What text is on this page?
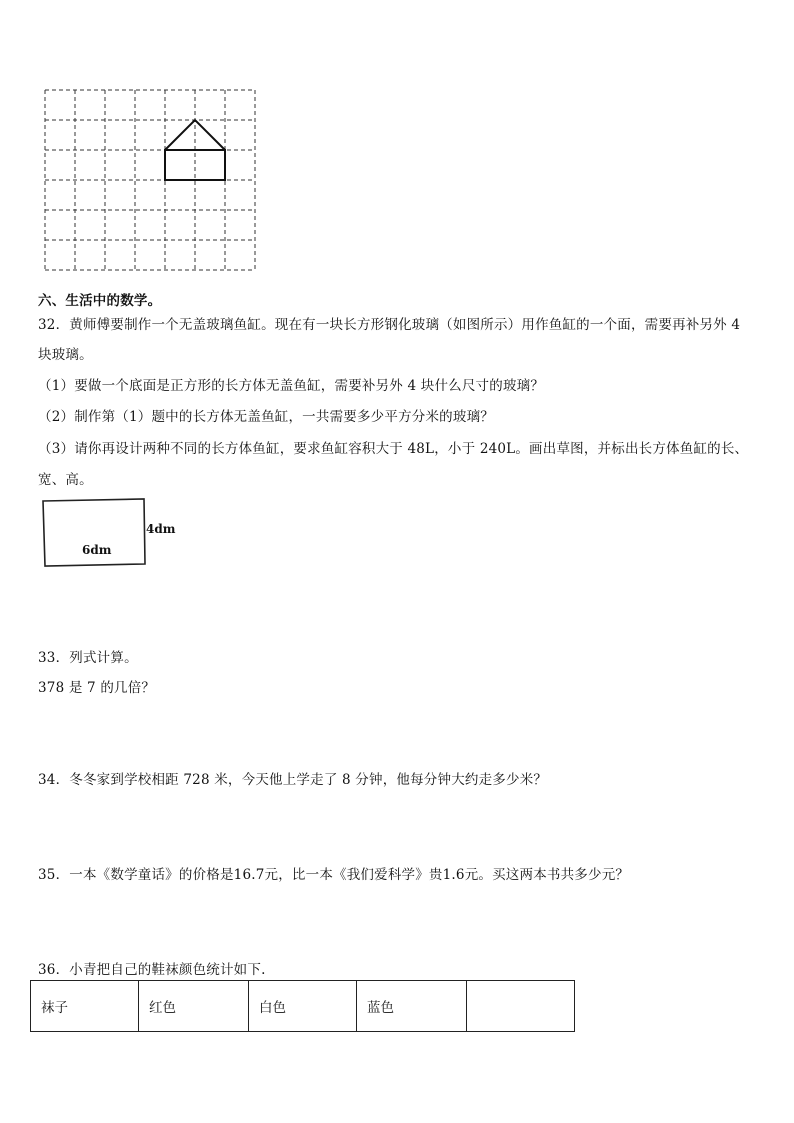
六、生活中的数学。
32．黄师傅要制作一个无盖玻璃鱼缸。现在有一块长方形钢化玻璃（如图所示）用作鱼缸的一个面，需要再补另外 4
块玻璃。
（1）要做一个底面是正方形的长方体无盖鱼缸，需要补另外 4 块什么尺寸的玻璃？
（2）制作第（1）题中的长方体无盖鱼缸，一共需要多少平方分米的玻璃？
（3）请你再设计两种不同的长方体鱼缸，要求鱼缸容积大于 48L，小于 240L。画出草图，并标出长方体鱼缸的长、
宽、高。
4dm
6dm
33．列式计算。
378 是 7 的几倍？
34．冬冬家到学校相距 728 米，今天他上学走了 8 分钟，他每分钟大约走多少米？
35．一本《数学童话》的价格是16.7元，比一本《我们爱科学》贵1.6元。买这两本书共多少元？
36．小青把自己的鞋袜颜色统计如下.
袜子	红色	白色	蓝色	
